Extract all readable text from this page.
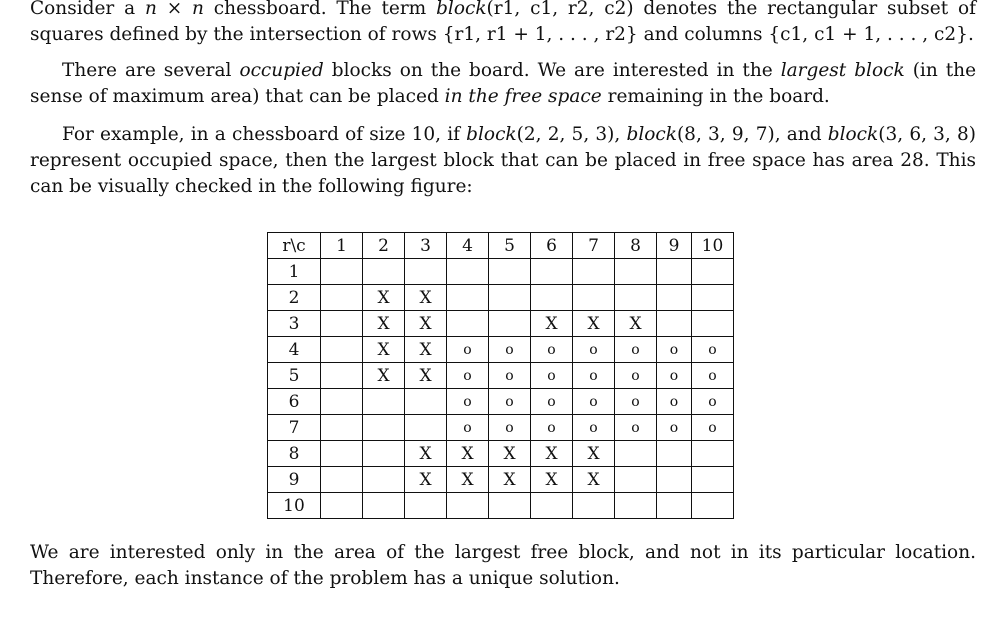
Consider a n × n chessboard. The term block(r1, c1, r2, c2) denotes the rectangular subset of squares defined by the intersection of rows {r1, r1 + 1, . . . , r2} and columns {c1, c1 + 1, . . . , c2}.

There are several occupied blocks on the board. We are interested in the largest block (in the sense of maximum area) that can be placed in the free space remaining in the board.

For example, in a chessboard of size 10, if block(2, 2, 5, 3), block(8, 3, 9, 7), and block(3, 6, 3, 8) represent occupied space, then the largest block that can be placed in free space has area 28. This can be visually checked in the following figure:

We are interested only in the area of the largest free block, and not in its particular location. Therefore, each instance of the problem has a unique solution.

r\c	1	2	3	4	5	6	7	8	9	10
1										
2		X	X							
3		X	X			X	X	X		
4		X	X	o	o	o	o	o	o	o
5		X	X	o	o	o	o	o	o	o
6				o	o	o	o	o	o	o
7				o	o	o	o	o	o	o
8			X	X	X	X	X			
9			X	X	X	X	X			
10										
